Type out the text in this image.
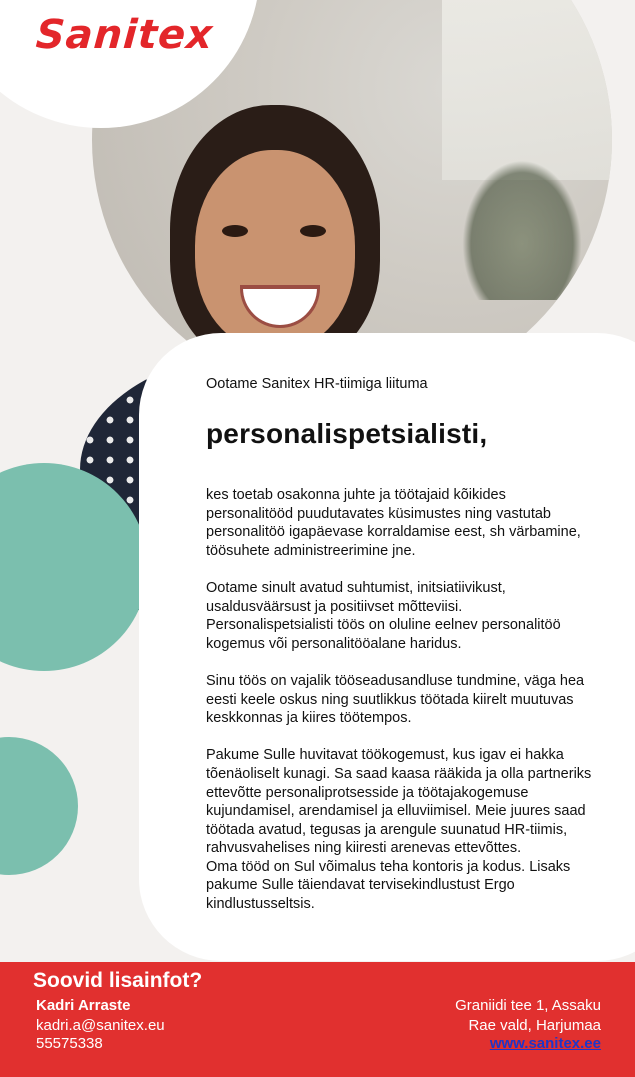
Sanitex
Ootame Sanitex HR-tiimiga liituma
personalispetsialisti,

kes toetab osakonna juhte ja töötajaid kõikides
personalitööd puudutavates küsimustes ning vastutab
personalitöö igapäevase korraldamise eest, sh värbamine,
töösuhete administreerimine jne.

Ootame sinult avatud suhtumist, initsiatiivikust,
usaldusväärsust ja positiivset mõtteviisi.
Personalispetsialisti töös on oluline eelnev personalitöö
kogemus või personalitööalane haridus.

Sinu töös on vajalik tööseadusandluse tundmine, väga hea
eesti keele oskus ning suutlikkus töötada kiirelt muutuvas
keskkonnas ja kiires töötempos.

Pakume Sulle huvitavat töökogemust, kus igav ei hakka
tõenäoliselt kunagi. Sa saad kaasa rääkida ja olla partneriks
ettevõtte personaliprotsesside ja töötajakogemuse
kujundamisel, arendamisel ja elluviimisel. Meie juures saad
töötada avatud, tegusas ja arengule suunatud HR-tiimis,
rahvusvahelises ning kiiresti arenevas ettevõttes.

Oma tööd on Sul võimalus teha kontoris ja kodus. Lisaks
pakume Sulle täiendavat tervisekindlustust Ergo
kindlustusseltsis.

Soovid lisainfot?
Kadri Arraste
kadri.a@sanitex.eu
55575338
Graniidi tee 1, Assaku
Rae vald, Harjumaa
www.sanitex.ee
